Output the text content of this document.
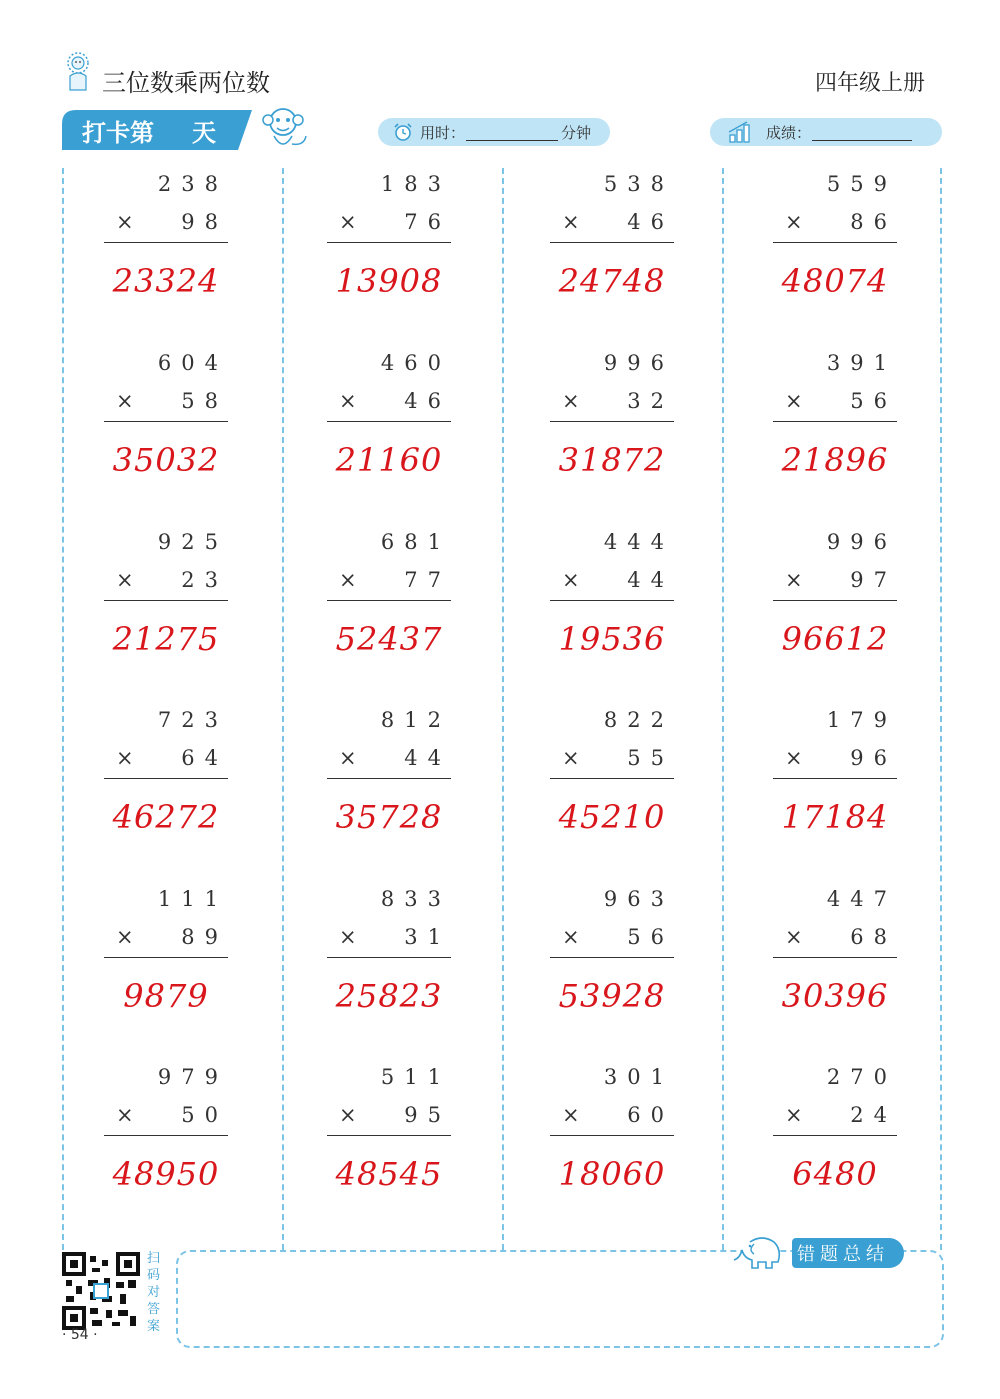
三位数乘两位数	四年级上册
打卡第 天	用时：	分钟	成绩：
238
× 98
23324
604
× 58
35032
925
× 23
21275
723
× 64
46272
111
× 89
9879
979
× 50
48950
183
× 76
13908
460
× 46
21160
681
× 77
52437
812
× 44
35728
833
× 31
25823
511
× 95
48545
538
× 46
24748
996
× 32
31872
444
× 44
19536
822
× 55
45210
963
× 56
53928
301
× 60
18060
559
× 86
48074
391
× 56
21896
996
× 97
96612
179
× 96
17184
447
× 68
30396
270
× 24
6480
扫码对答案
· 54 ·
错题总结
